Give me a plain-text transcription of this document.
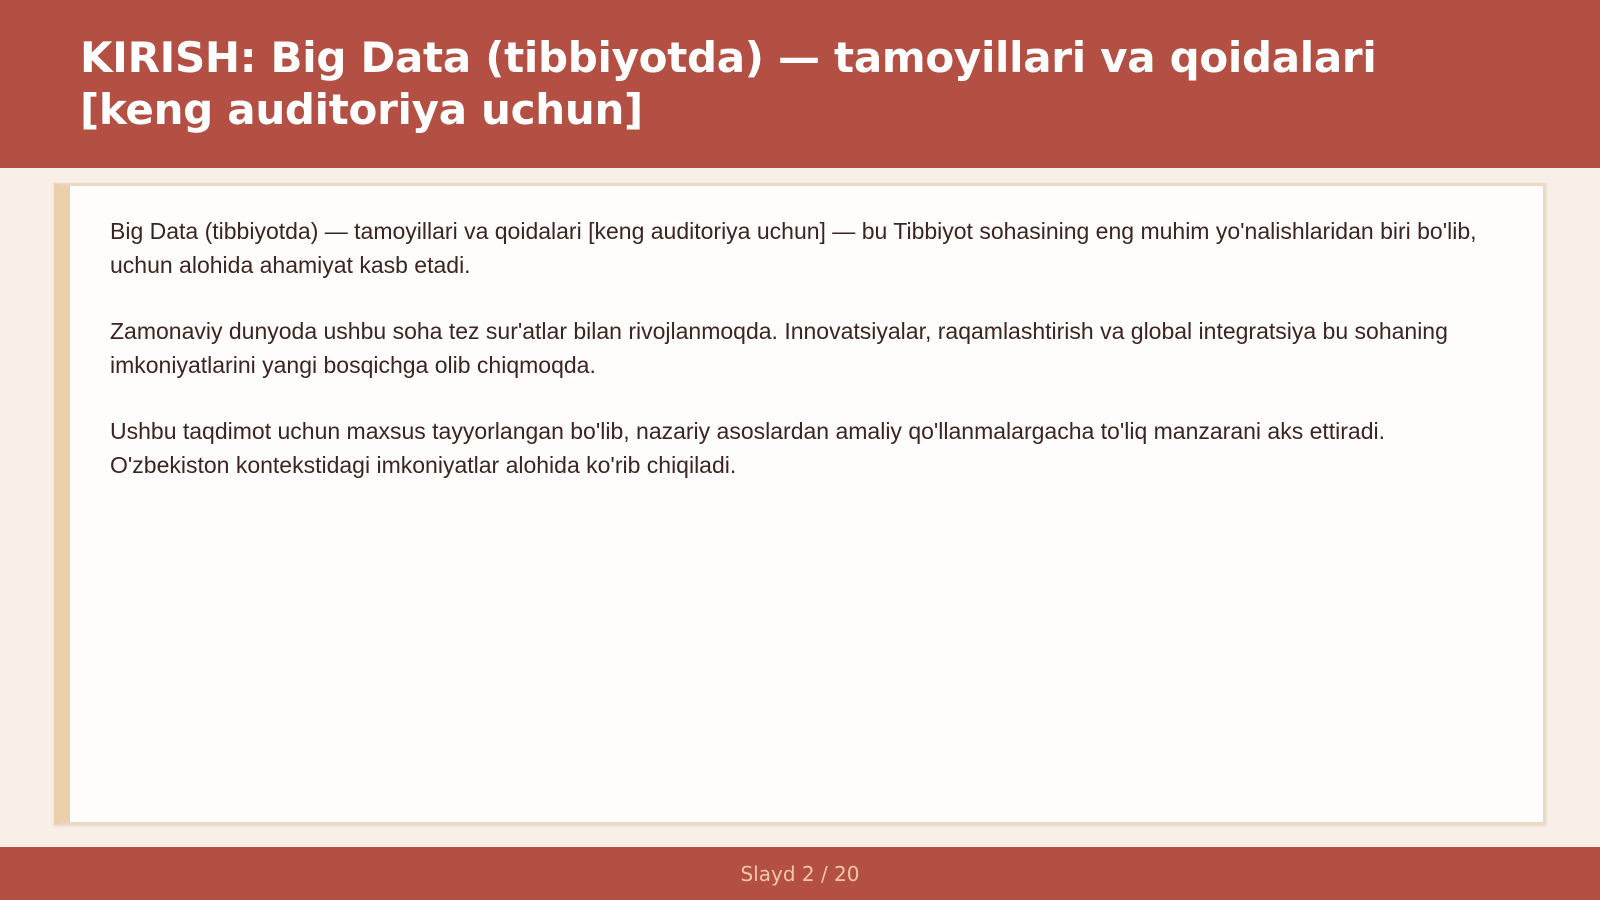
KIRISH: Big Data (tibbiyotda) — tamoyillari va qoidalari [keng auditoriya uchun]

Big Data (tibbiyotda) — tamoyillari va qoidalari [keng auditoriya uchun] — bu Tibbiyot sohasining eng muhim yo'nalishlaridan biri bo'lib, uchun alohida ahamiyat kasb etadi.

Zamonaviy dunyoda ushbu soha tez sur'atlar bilan rivojlanmoqda. Innovatsiyalar, raqamlashtirish va global integratsiya bu sohaning imkoniyatlarini yangi bosqichga olib chiqmoqda.

Ushbu taqdimot uchun maxsus tayyorlangan bo'lib, nazariy asoslardan amaliy qo'llanmalargacha to'liq manzarani aks ettiradi. O'zbekiston kontekstidagi imkoniyatlar alohida ko'rib chiqiladi.

Slayd 2 / 20
